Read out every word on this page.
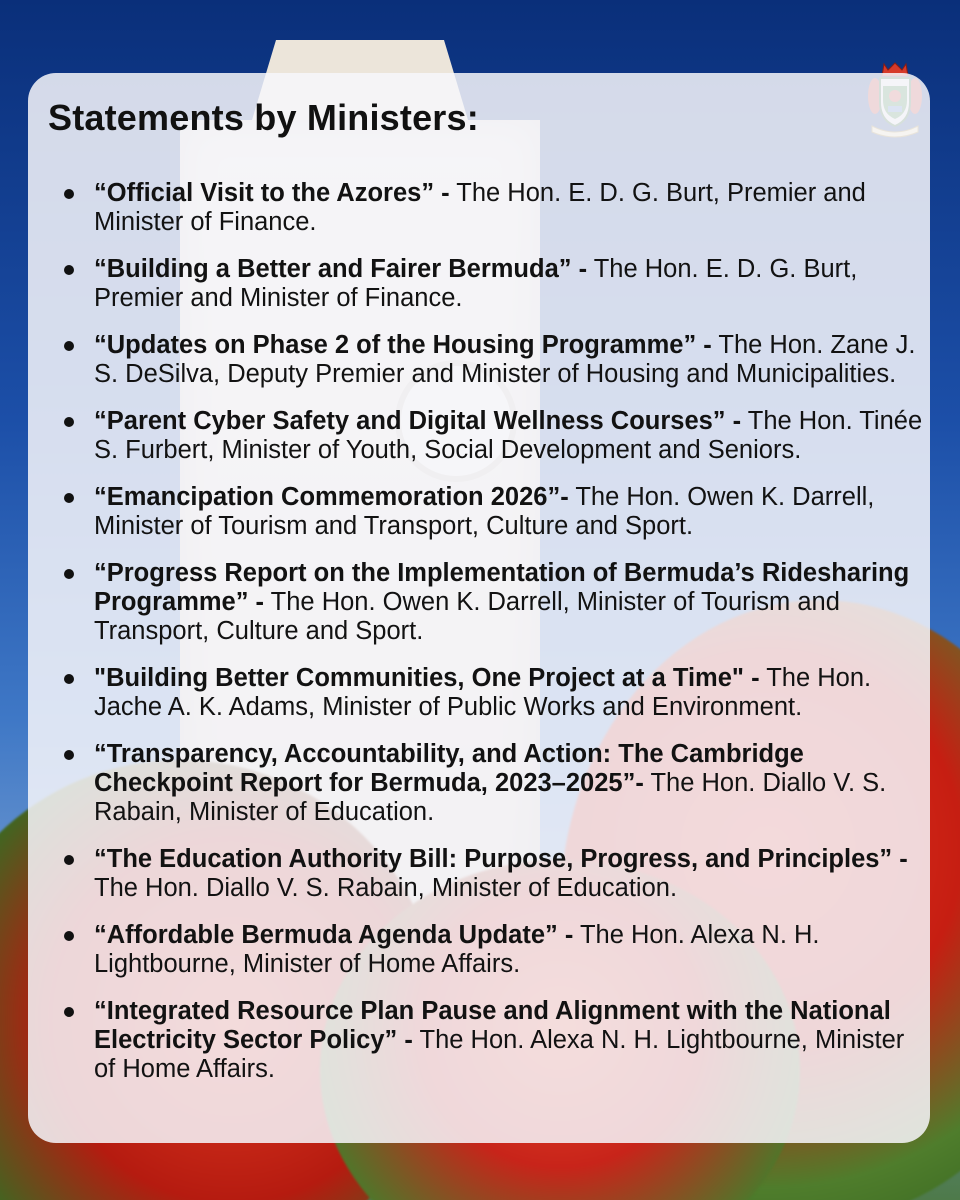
Statements by Ministers:
“Official Visit to the Azores” - The Hon. E. D. G. Burt, Premier and Minister of Finance.
“Building a Better and Fairer Bermuda” - The Hon. E. D. G. Burt, Premier and Minister of Finance.
“Updates on Phase 2 of the Housing Programme” - The Hon. Zane J. S. DeSilva, Deputy Premier and Minister of Housing and Municipalities.
“Parent Cyber Safety and Digital Wellness Courses” - The Hon. Tinée S. Furbert, Minister of Youth, Social Development and Seniors.
“Emancipation Commemoration 2026”- The Hon. Owen K. Darrell, Minister of Tourism and Transport, Culture and Sport.
“Progress Report on the Implementation of Bermuda’s Ridesharing Programme” - The Hon. Owen K. Darrell, Minister of Tourism and Transport, Culture and Sport.
"Building Better Communities, One Project at a Time" - The Hon. Jache A. K. Adams, Minister of Public Works and Environment.
“Transparency, Accountability, and Action: The Cambridge Checkpoint Report for Bermuda, 2023–2025”- The Hon. Diallo V. S. Rabain, Minister of Education.
“The Education Authority Bill: Purpose, Progress, and Principles” - The Hon. Diallo V. S. Rabain, Minister of Education.
“Affordable Bermuda Agenda Update” - The Hon. Alexa N. H. Lightbourne, Minister of Home Affairs.
“Integrated Resource Plan Pause and Alignment with the National Electricity Sector Policy” - The Hon. Alexa N. H. Lightbourne, Minister of Home Affairs.
